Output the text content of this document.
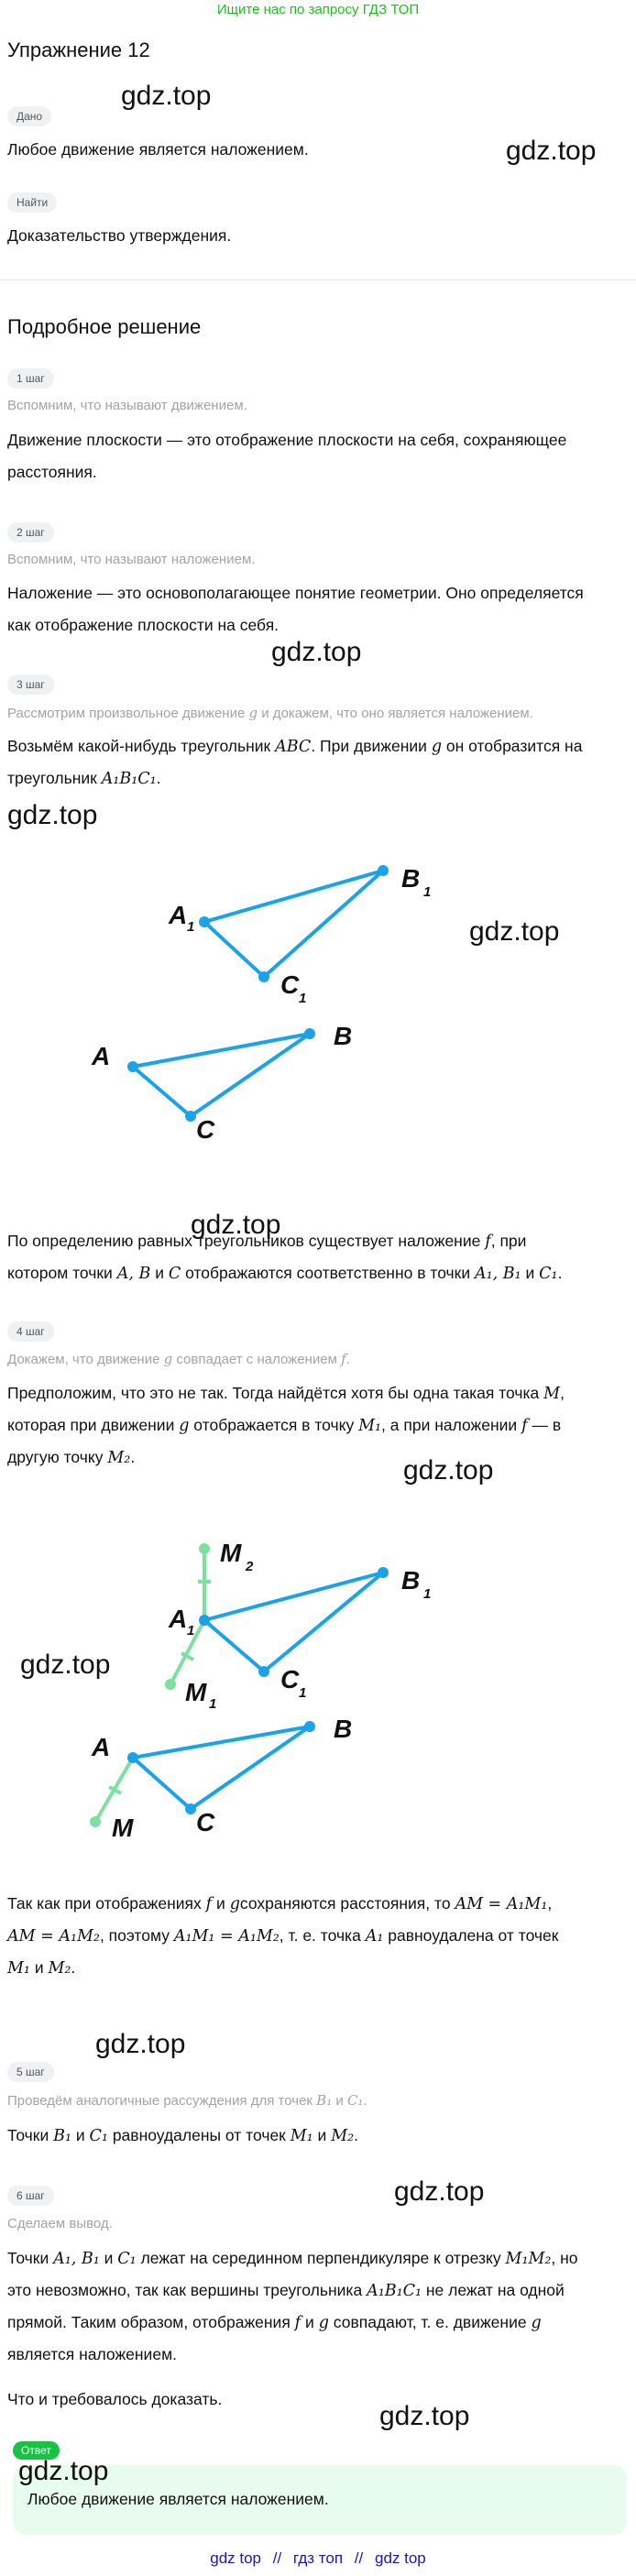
Ищите нас по запросу ГДЗ ТОП
Упражнение 12
Дано
Любое движение является наложением.
Найти
Доказательство утверждения.
Подробное решение
1 шаг
Вспомним, что называют движением.
Движение плоскости — это отображение плоскости на себя, сохраняющее
расстояния.
2 шаг
Вспомним, что называют наложением.
Наложение — это основополагающее понятие геометрии. Оно определяется
как отображение плоскости на себя.
3 шаг
Рассмотрим произвольное движение g и докажем, что оно является наложением.
Возьмём какой-нибудь треугольник ABC. При движении g он отобразится на
треугольник A₁B₁C₁.
A 1
B 1
C 1
A
B
C
По определению равных треугольников существует наложение f, при
котором точки A, B и C отображаются соответственно в точки A₁, B₁ и C₁.
4 шаг
Докажем, что движение g совпадает с наложением f.
Предположим, что это не так. Тогда найдётся хотя бы одна такая точка M,
которая при движении g отображается в точку M₁, а при наложении f — в
другую точку M₂.
M 2
A 1
M 1
B 1
C 1
A
B
C
M
Так как при отображениях f и gсохраняются расстояния, то AM = A₁M₁,
AM = A₁M₂, поэтому A₁M₁ = A₁M₂, т. е. точка A₁ равноудалена от точек
M₁ и M₂.
5 шаг
Проведём аналогичные рассуждения для точек B₁ и C₁.
Точки B₁ и C₁ равноудалены от точек M₁ и M₂.
6 шаг
Сделаем вывод.
Точки A₁, B₁ и C₁ лежат на серединном перпендикуляре к отрезку M₁M₂, но
это невозможно, так как вершины треугольника A₁B₁C₁ не лежат на одной
прямой. Таким образом, отображения f и g совпадают, т. е. движение g
является наложением.
Что и требовалось доказать.
Ответ
Любое движение является наложением.
gdz.top
gdz.top
gdz.top
gdz.top
gdz.top
gdz.top
gdz.top
gdz.top
gdz.top
gdz.top
gdz.top
gdz.top
gdz top // гдз топ // gdz top
